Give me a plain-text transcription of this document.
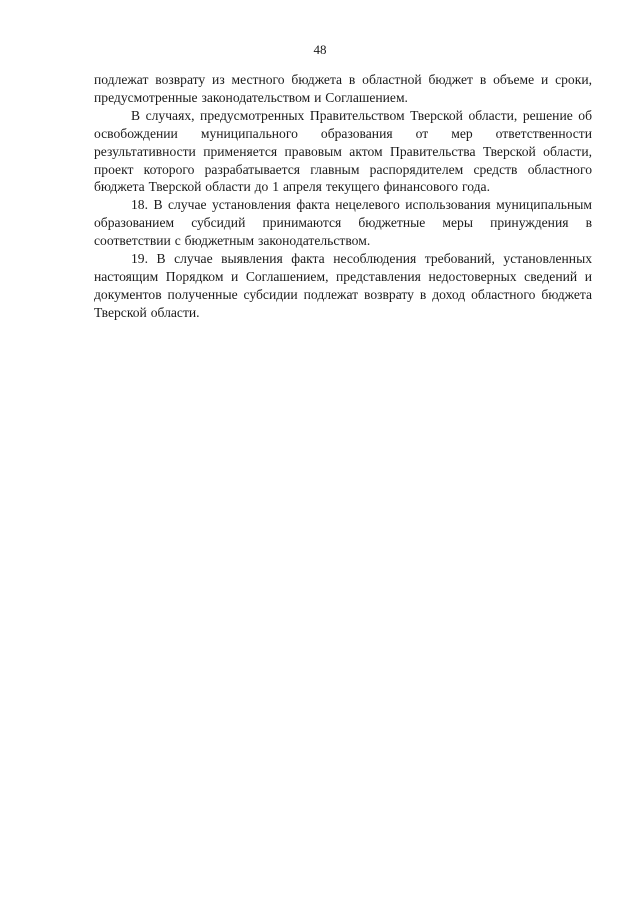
48

подлежат возврату из местного бюджета в областной бюджет в объеме и сроки, предусмотренные законодательством и Соглашением.

В случаях, предусмотренных Правительством Тверской области, решение об освобождении муниципального образования от мер ответственности результативности применяется правовым актом Правительства Тверской области, проект которого разрабатывается главным распорядителем средств областного бюджета Тверской области до 1 апреля текущего финансового года.

18. В случае установления факта нецелевого использования муниципальным образованием субсидий принимаются бюджетные меры принуждения в соответствии с бюджетным законодательством.

19. В случае выявления факта несоблюдения требований, установленных настоящим Порядком и Соглашением, представления недостоверных сведений и документов полученные субсидии подлежат возврату в доход областного бюджета Тверской области.
